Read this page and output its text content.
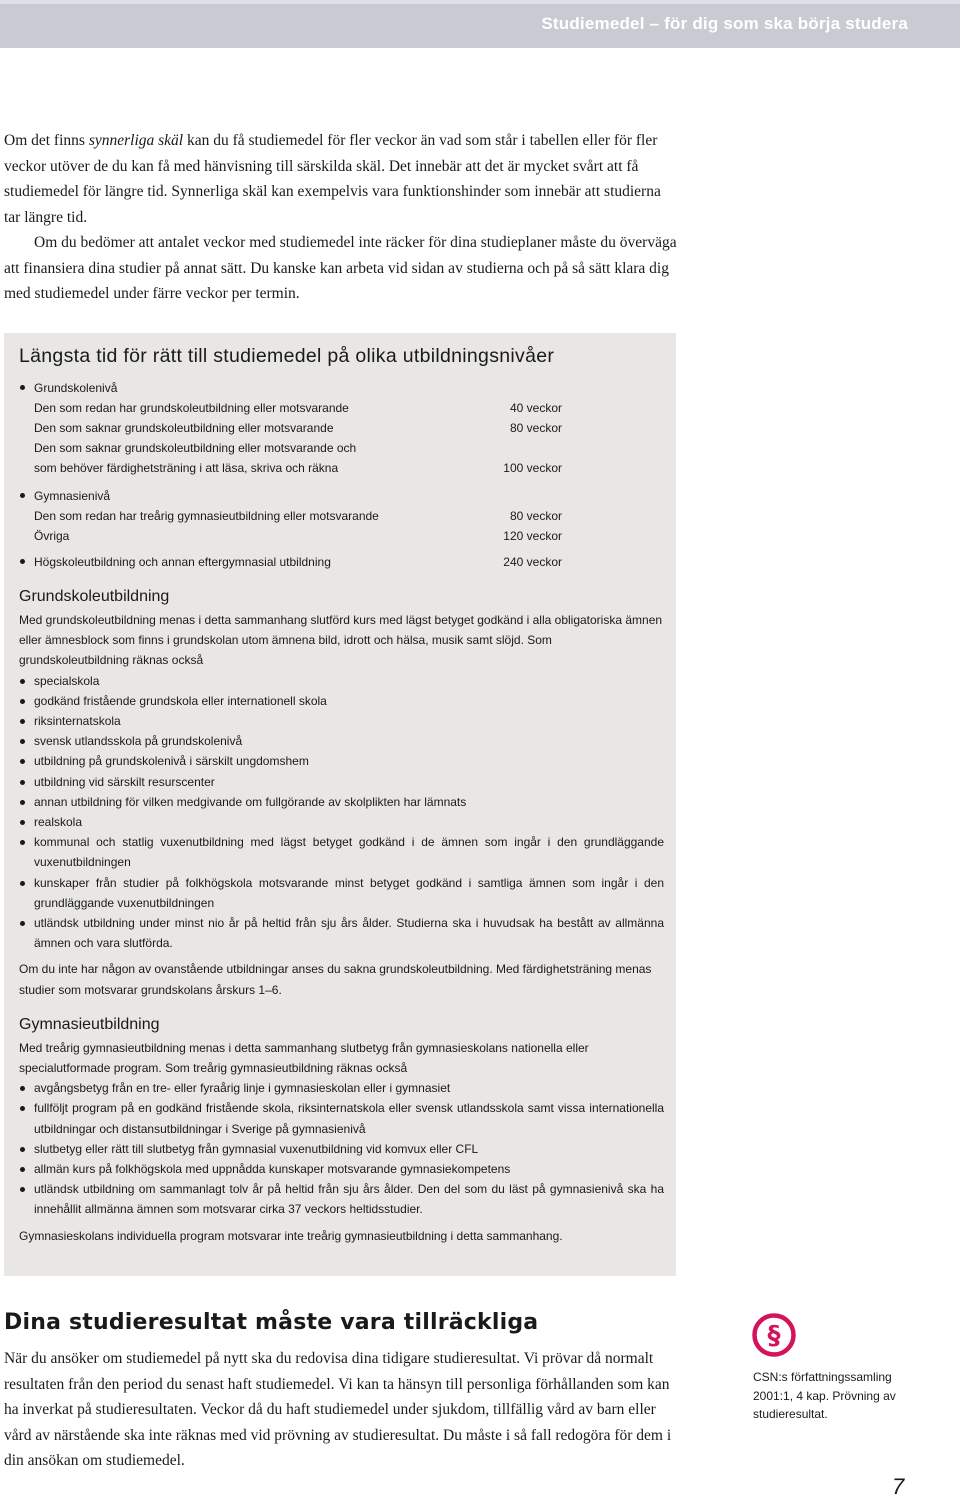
Studiemedel – för dig som ska börja studera

Om det finns synnerliga skäl kan du få studiemedel för fler veckor än vad som står i tabellen eller för fler veckor utöver de du kan få med hänvisning till särskilda skäl. Det innebär att det är mycket svårt att få studiemedel för längre tid. Synnerliga skäl kan exempelvis vara funktionshinder som innebär att studierna tar längre tid.

Om du bedömer att antalet veckor med studiemedel inte räcker för dina studieplaner måste du överväga att finansiera dina studier på annat sätt. Du kanske kan arbeta vid sidan av studierna och på så sätt klara dig med studiemedel under färre veckor per termin.

Längsta tid för rätt till studiemedel på olika utbildningsnivåer
Grundskolenivå
Den som redan har grundskoleutbildning eller motsvarande	40 veckor
Den som saknar grundskoleutbildning eller motsvarande	80 veckor
Den som saknar grundskoleutbildning eller motsvarande och
som behöver färdighetsträning i att läsa, skriva och räkna	100 veckor
Gymnasienivå
Den som redan har treårig gymnasieutbildning eller motsvarande	80 veckor
Övriga	120 veckor
Högskoleutbildning och annan eftergymnasial utbildning	240 veckor
Grundskoleutbildning

Med grundskoleutbildning menas i detta sammanhang slutförd kurs med lägst betyget godkänd i alla obligatoriska ämnen eller ämnesblock som finns i grundskolan utom ämnena bild, idrott och hälsa, musik samt slöjd. Som grundskoleutbildning räknas också

specialskola
godkänd fristående grundskola eller internationell skola
riksinternatskola
svensk utlandsskola på grundskolenivå
utbildning på grundskolenivå i särskilt ungdomshem
utbildning vid särskilt resurscenter
annan utbildning för vilken medgivande om fullgörande av skolplikten har lämnats
realskola
kommunal och statlig vuxenutbildning med lägst betyget godkänd i de ämnen som ingår i den grundläggande vuxenutbildningen
kunskaper från studier på folkhögskola motsvarande minst betyget godkänd i samtliga ämnen som ingår i den grundläggande vuxenutbildningen
utländsk utbildning under minst nio år på heltid från sju års ålder. Studierna ska i huvudsak ha bestått av allmänna ämnen och vara slutförda.

Om du inte har någon av ovanstående utbildningar anses du sakna grundskoleutbildning. Med färdighetsträning menas studier som motsvarar grundskolans årskurs 1–6.

Gymnasieutbildning

Med treårig gymnasieutbildning menas i detta sammanhang slutbetyg från gymnasieskolans nationella eller specialutformade program. Som treårig gymnasieutbildning räknas också

avgångsbetyg från en tre- eller fyraårig linje i gymnasieskolan eller i gymnasiet
fullföljt program på en godkänd fristående skola, riksinternatskola eller svensk utlandsskola samt vissa internationella utbildningar och distansutbildningar i Sverige på gymnasienivå
slutbetyg eller rätt till slutbetyg från gymnasial vuxenutbildning vid komvux eller CFL
allmän kurs på folkhögskola med uppnådda kunskaper motsvarande gymnasiekompetens
utländsk utbildning om sammanlagt tolv år på heltid från sju års ålder. Den del som du läst på gymnasienivå ska ha innehållit allmänna ämnen som motsvarar cirka 37 veckors heltidsstudier.

Gymnasieskolans individuella program motsvarar inte treårig gymnasieutbildning i detta sammanhang.

Dina studieresultat måste vara tillräckliga

När du ansöker om studiemedel på nytt ska du redovisa dina tidigare studieresultat. Vi prövar då normalt resultaten från den period du senast haft studiemedel. Vi kan ta hänsyn till personliga förhållanden som kan ha inverkat på studieresultaten. Veckor då du haft studiemedel under sjukdom, tillfällig vård av barn eller vård av närstående ska inte räknas med vid prövning av studieresultat. Du måste i så fall redogöra för dem i din ansökan om studiemedel.

§
CSN:s författningssamling 2001:1, 4 kap. Prövning av studieresultat.
7
